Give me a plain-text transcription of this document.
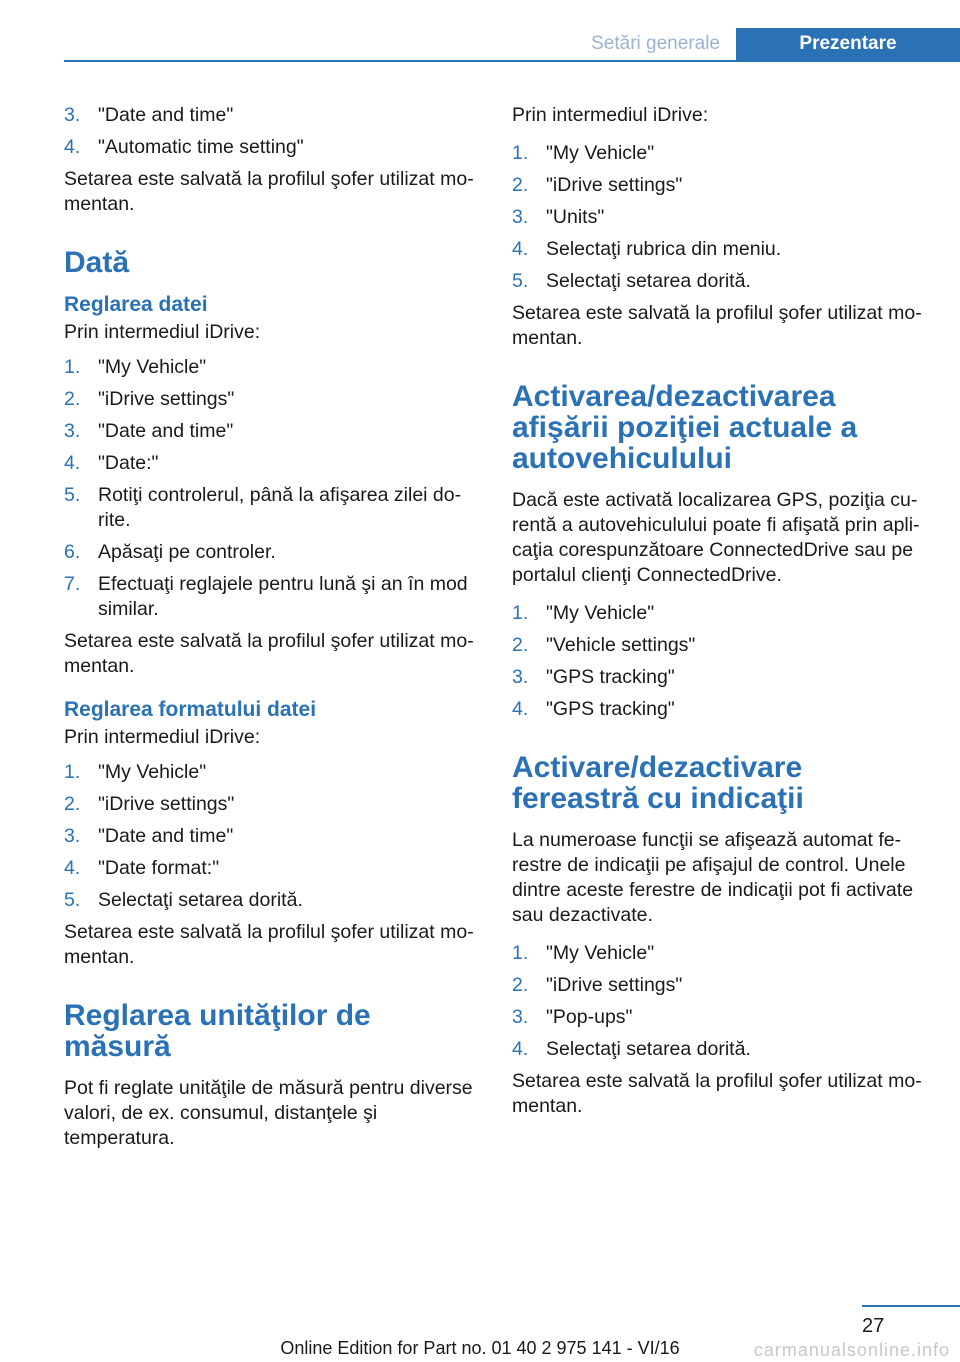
Setări generale	Prezentare
3. "Date and time"
4. "Automatic time setting"

Setarea este salvată la profilul şofer utilizat momentan.

Dată
Reglarea datei

Prin intermediul iDrive:

1. "My Vehicle"
2. "iDrive settings"
3. "Date and time"
4. "Date:"
5. Rotiţi controlerul, până la afişarea zilei dorite.
6. Apăsaţi pe controler.
7. Efectuaţi reglajele pentru lună şi an în mod similar.

Setarea este salvată la profilul şofer utilizat momentan.

Reglarea formatului datei

Prin intermediul iDrive:

1. "My Vehicle"
2. "iDrive settings"
3. "Date and time"
4. "Date format:"
5. Selectaţi setarea dorită.

Setarea este salvată la profilul şofer utilizat momentan.

Reglarea unităţilor de măsură

Pot fi reglate unităţile de măsură pentru diverse valori, de ex. consumul, distanţele şi temperatura.

Prin intermediul iDrive:

1. "My Vehicle"
2. "iDrive settings"
3. "Units"
4. Selectaţi rubrica din meniu.
5. Selectaţi setarea dorită.

Setarea este salvată la profilul şofer utilizat momentan.

Activarea/dezactivarea afişării poziţiei actuale a autovehiculului

Dacă este activată localizarea GPS, poziţia curentă a autovehiculului poate fi afişată prin aplicaţia corespunzătoare ConnectedDrive sau pe portalul clienţi ConnectedDrive.

1. "My Vehicle"
2. "Vehicle settings"
3. "GPS tracking"
4. "GPS tracking"
Activare/dezactivare fereastră cu indicaţii

La numeroase funcţii se afişează automat ferestre de indicaţii pe afişajul de control. Unele dintre aceste ferestre de indicaţii pot fi activate sau dezactivate.

1. "My Vehicle"
2. "iDrive settings"
3. "Pop-ups"
4. Selectaţi setarea dorită.

Setarea este salvată la profilul şofer utilizat momentan.

27
Online Edition for Part no. 01 40 2 975 141 - VI/16	carmanualsonline.info
